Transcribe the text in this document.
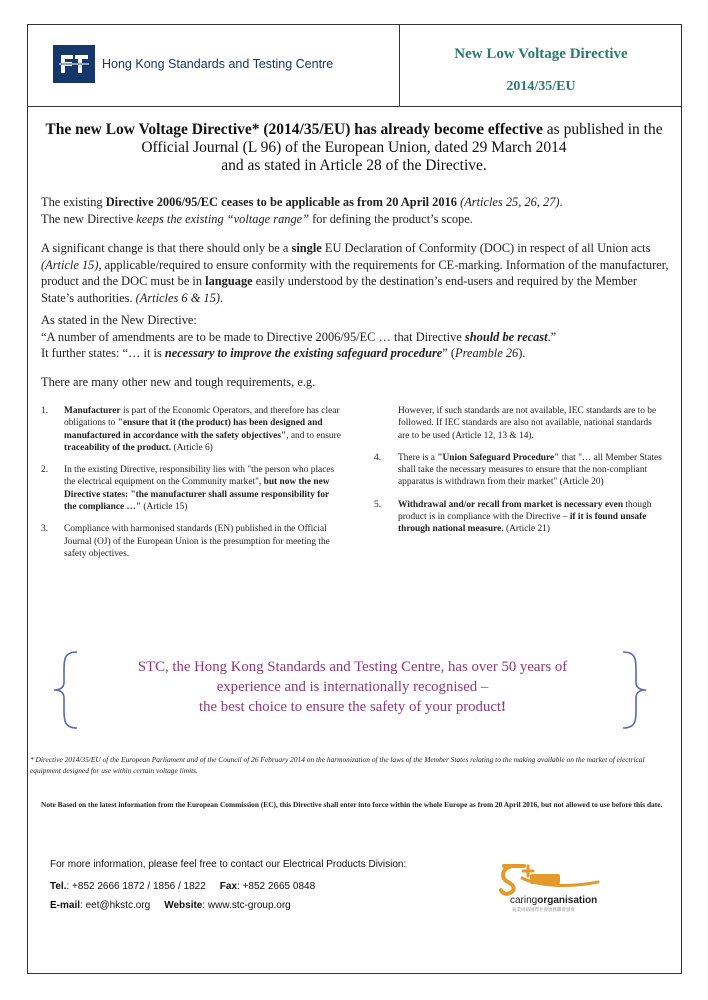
Hong Kong Standards and Testing Centre
New Low Voltage Directive
2014/35/EU
The new Low Voltage Directive* (2014/35/EU) has already become effective as published in the Official Journal (L 96) of the European Union, dated 29 March 2014
and as stated in Article 28 of the Directive.
The existing Directive 2006/95/EC ceases to be applicable as from 20 April 2016 (Articles 25, 26, 27).
The new Directive keeps the existing “voltage range” for defining the product’s scope.
A significant change is that there should only be a single EU Declaration of Conformity (DOC) in respect of all Union acts (Article 15), applicable/required to ensure conformity with the requirements for CE-marking. Information of the manufacturer, product and the DOC must be in language easily understood by the destination’s end-users and required by the Member State’s authorities. (Articles 6 & 15).
As stated in the New Directive:
“A number of amendments are to be made to Directive 2006/95/EC … that Directive should be recast.”
It further states: “… it is necessary to improve the existing safeguard procedure” (Preamble 26).
There are many other new and tough requirements, e.g.
1. Manufacturer is part of the Economic Operators, and therefore has clear obligations to "ensure that it (the product) has been designed and manufactured in accordance with the safety objectives", and to ensure traceability of the product. (Article 6)
2. In the existing Directive, responsibility lies with "the person who places the electrical equipment on the Community market", but now the new Directive states: "the manufacturer shall assume responsibility for the compliance …" (Article 15)
3. Compliance with harmonised standards (EN) published in the Official Journal (OJ) of the European Union is the presumption for meeting the safety objectives.
However, if such standards are not available, IEC standards are to be followed. If IEC standards are also not available, national standards are to be used (Article 12, 13 & 14).
4. There is a "Union Safeguard Procedure" that "… all Member States shall take the necessary measures to ensure that the non-compliant apparatus is withdrawn from their market" (Article 20)
5. Withdrawal and/or recall from market is necessary even though product is in compliance with the Directive – if it is found unsafe through national measure. (Article 21)
STC, the Hong Kong Standards and Testing Centre, has over 50 years of
experience and is internationally recognised –
the best choice to ensure the safety of your product!
* Directive 2014/35/EU of the European Parliament and of the Council of 26 February 2014 on the harmonization of the laws of the Member States relating to the making available on the market of electrical equipment designed for use within certain voltage limits.
Note Based on the latest information from the European Commission (EC), this Directive shall enter into force within the whole Europe as from 20 April 2016, but not allowed to use before this date.
For more information, please feel free to contact our Electrical Products Division:
Tel.: +852 2666 1872 / 1856 / 1822 Fax: +852 2665 0848
E-mail: eet@hkstc.org Website: www.stc-group.org	caringorganisation
商業同路國際社會服務聯會頒發
